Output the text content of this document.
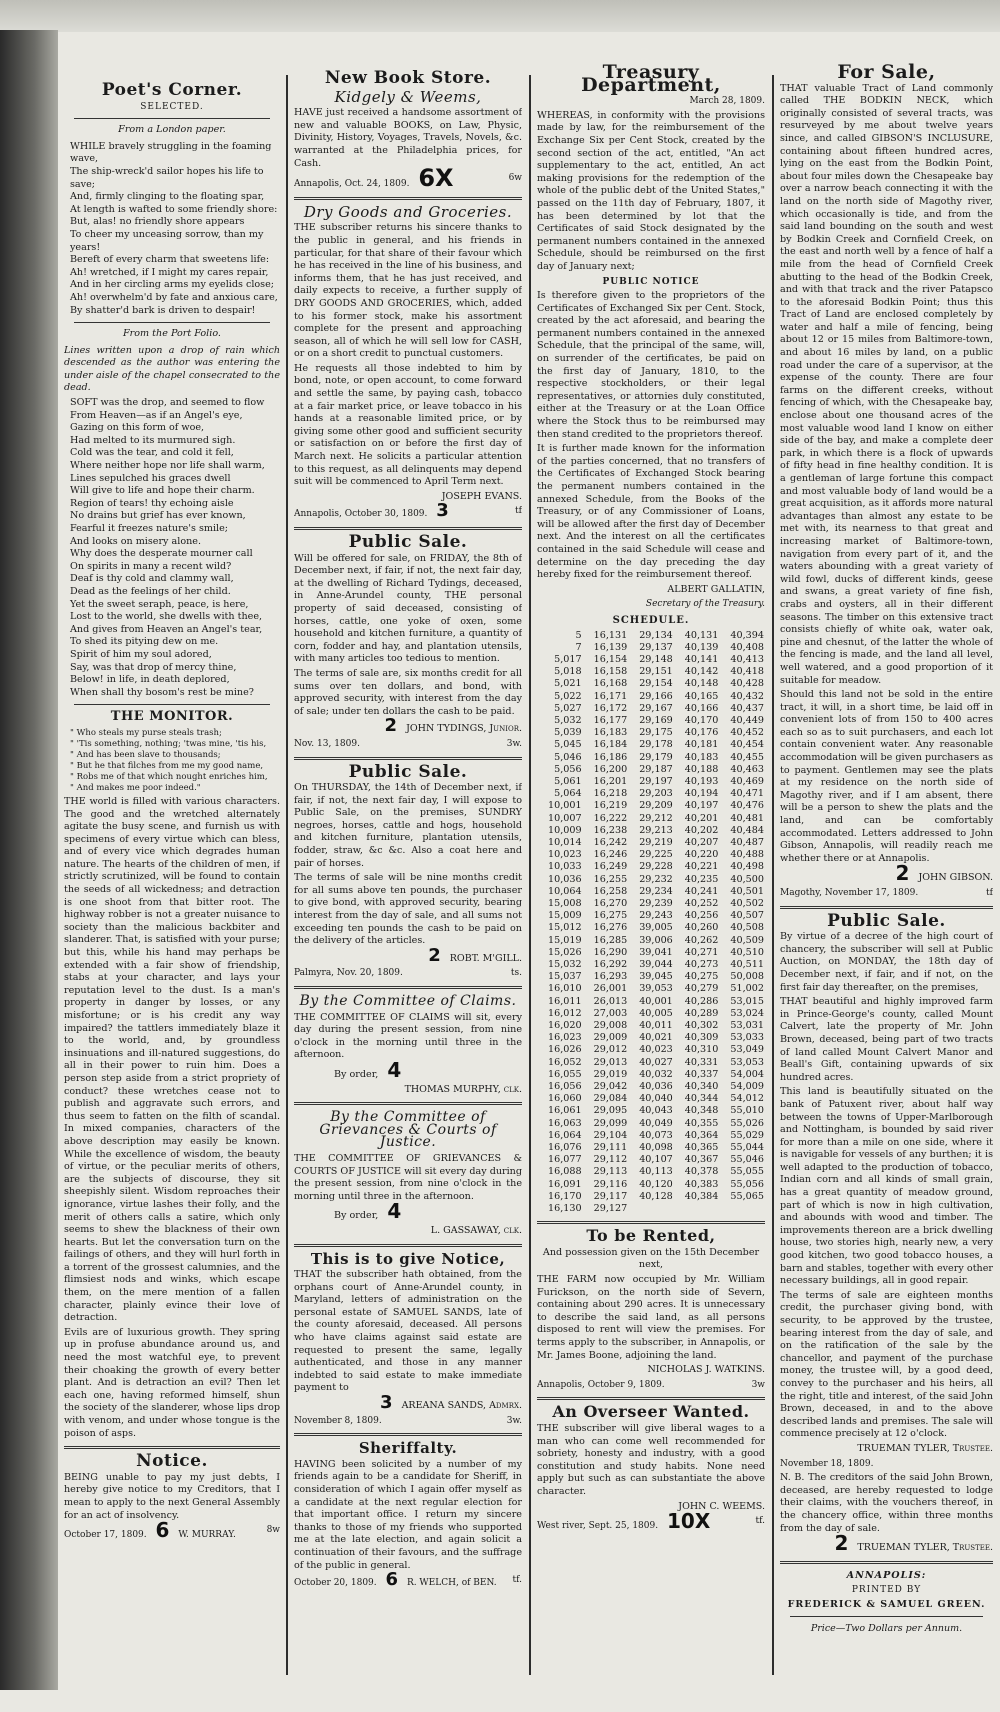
Poet's Corner.
SELECTED.
From a London paper.
WHILE bravely struggling in the foaming
wave,
The ship-wreck'd sailor hopes his life to save;
And, firmly clinging to the floating spar,
At length is wafted to some friendly shore:
But, alas! no friendly shore appears
To cheer my unceasing sorrow, than my years!
Bereft of every charm that sweetens life:
Ah! wretched, if I might my cares repair,
And in her circling arms my eyelids close;
Ah! overwhelm'd by fate and anxious care,
By shatter'd bark is driven to despair!
From the Port Folio.
Lines written upon a drop of rain which descended as the author was entering the under aisle of the chapel consecrated to the dead.
SOFT was the drop, and seemed to flow
From Heaven—as if an Angel's eye,
Gazing on this form of woe,
Had melted to its murmured sigh.
Cold was the tear, and cold it fell,
Where neither hope nor life shall warm,
Lines sepulched his graces dwell
Will give to life and hope their charm.
Region of tears! thy echoing aisle
No drains but grief has ever known,
Fearful it freezes nature's smile;
And looks on misery alone.
Why does the desperate mourner call
On spirits in many a recent wild?
Deaf is thy cold and clammy wall,
Dead as the feelings of her child.
Yet the sweet seraph, peace, is here,
Lost to the world, she dwells with thee,
And gives from Heaven an Angel's tear,
To shed its pitying dew on me.
Spirit of him my soul adored,
Say, was that drop of mercy thine,
Below! in life, in death deplored,
When shall thy bosom's rest be mine?
THE MONITOR.
" Who steals my purse steals trash;
" 'Tis something, nothing; 'twas mine, 'tis his,
" And has been slave to thousands;
" But he that filches from me my good name,
" Robs me of that which nought enriches him,
" And makes me poor indeed."
THE world is filled with various characters. The good and the wretched alternately agitate the busy scene, and furnish us with specimens of every virtue which can bless, and of every vice which degrades human nature. The hearts of the children of men, if strictly scrutinized, will be found to contain the seeds of all wickedness; and detraction is one shoot from that bitter root. The highway robber is not a greater nuisance to society than the malicious backbiter and slanderer. That, is satisfied with your purse; but this, while his hand may perhaps be extended with a fair show of friendship, stabs at your character, and lays your reputation level to the dust. Is a man's property in danger by losses, or any misfortune; or is his credit any way impaired? the tattlers immediately blaze it to the world, and, by groundless insinuations and ill-natured suggestions, do all in their power to ruin him. Does a person step aside from a strict propriety of conduct? these wretches cease not to publish and aggravate such errors, and thus seem to fatten on the filth of scandal. In mixed companies, characters of the above description may easily be known. While the excellence of wisdom, the beauty of virtue, or the peculiar merits of others, are the subjects of discourse, they sit sheepishly silent. Wisdom reproaches their ignorance, virtue lashes their folly, and the merit of others calls a satire, which only seems to shew the blackness of their own hearts. But let the conversation turn on the failings of others, and they will hurl forth in a torrent of the grossest calumnies, and the flimsiest nods and winks, which escape them, on the mere mention of a fallen character, plainly evince their love of detraction.
Evils are of luxurious growth. They spring up in profuse abundance around us, and need the most watchful eye, to prevent their choaking the growth of every better plant. And is detraction an evil? Then let each one, having reformed himself, shun the society of the slanderer, whose lips drop with venom, and under whose tongue is the poison of asps.
Notice.
BEING unable to pay my just debts, I hereby give notice to my Creditors, that I mean to apply to the next General Assembly for an act of insolvency.
October 17, 1809. 6 W. MURRAY.	8w
New Book Store.
Kidgely & Weems,
HAVE just received a handsome assortment of new and valuable BOOKS, on Law, Physic, Divinity, History, Voyages, Travels, Novels, &c. warranted at the Philadelphia prices, for Cash.
Annapolis, Oct. 24, 1809. 6X	6w
Dry Goods and Groceries.
THE subscriber returns his sincere thanks to the public in general, and his friends in particular, for that share of their favour which he has received in the line of his business, and informs them, that he has just received, and daily expects to receive, a further supply of DRY GOODS AND GROCERIES, which, added to his former stock, make his assortment complete for the present and approaching season, all of which he will sell low for CASH, or on a short credit to punctual customers.
He requests all those indebted to him by bond, note, or open account, to come forward and settle the same, by paying cash, tobacco at a fair market price, or leave tobacco in his hands at a reasonable limited price, or by giving some other good and sufficient security or satisfaction on or before the first day of March next. He solicits a particular attention to this request, as all delinquents may depend suit will be commenced to April Term next.
JOSEPH EVANS.
Annapolis, October 30, 1809. 3	tf
Public Sale.
Will be offered for sale, on FRIDAY, the 8th of December next, if fair, if not, the next fair day, at the dwelling of Richard Tydings, deceased, in Anne-Arundel county, THE personal property of said deceased, consisting of horses, cattle, one yoke of oxen, some household and kitchen furniture, a quantity of corn, fodder and hay, and plantation utensils, with many articles too tedious to mention.
The terms of sale are, six months credit for all sums over ten dollars, and bond, with approved security, with interest from the day of sale; under ten dollars the cash to be paid.
2 JOHN TYDINGS, Junior.
Nov. 13, 1809.	3w.
Public Sale.
On THURSDAY, the 14th of December next, if fair, if not, the next fair day, I will expose to Public Sale, on the premises, SUNDRY negroes, horses, cattle and hogs, household and kitchen furniture, plantation utensils, fodder, straw, &c &c. Also a coat here and pair of horses.
The terms of sale will be nine months credit for all sums above ten pounds, the purchaser to give bond, with approved security, bearing interest from the day of sale, and all sums not exceeding ten pounds the cash to be paid on the delivery of the articles.
2 ROBT. M'GILL.
Palmyra, Nov. 20, 1809.	ts.
By the Committee of Claims.
THE COMMITTEE OF CLAIMS will sit, every day during the present session, from nine o'clock in the morning until three in the afternoon.
By order, 4
THOMAS MURPHY, clk.
By the Committee of Grievances & Courts of Justice.
THE COMMITTEE OF GRIEVANCES & COURTS OF JUSTICE will sit every day during the present session, from nine o'clock in the morning until three in the afternoon.
By order, 4
L. GASSAWAY, clk.
This is to give Notice,
THAT the subscriber hath obtained, from the orphans court of Anne-Arundel county, in Maryland, letters of administration on the personal estate of SAMUEL SANDS, late of the county aforesaid, deceased. All persons who have claims against said estate are requested to present the same, legally authenticated, and those in any manner indebted to said estate to make immediate payment to
3 AREANA SANDS, Admrx.
November 8, 1809.	3w.
Sheriffalty.
HAVING been solicited by a number of my friends again to be a candidate for Sheriff, in consideration of which I again offer myself as a candidate at the next regular election for that important office. I return my sincere thanks to those of my friends who supported me at the late election, and again solicit a continuation of their favours, and the suffrage of the public in general.
October 20, 1809. 6 R. WELCH, of BEN. tf.
Treasury Department,
March 28, 1809.
WHEREAS, in conformity with the provisions made by law, for the reimbursement of the Exchange Six per Cent Stock, created by the second section of the act, entitled, "An act supplementary to the act, entitled, An act making provisions for the redemption of the whole of the public debt of the United States," passed on the 11th day of February, 1807, it has been determined by lot that the Certificates of said Stock designated by the permanent numbers contained in the annexed Schedule, should be reimbursed on the first day of January next;
PUBLIC NOTICE
Is therefore given to the proprietors of the Certificates of Exchanged Six per Cent. Stock, created by the act aforesaid, and bearing the permanent numbers contained in the annexed Schedule, that the principal of the same, will, on surrender of the certificates, be paid on the first day of January, 1810, to the respective stockholders, or their legal representatives, or attornies duly constituted, either at the Treasury or at the Loan Office where the Stock thus to be reimbursed may then stand credited to the proprietors thereof.
It is further made known for the information of the parties concerned, that no transfers of the Certificates of Exchanged Stock bearing the permanent numbers contained in the annexed Schedule, from the Books of the Treasury, or of any Commissioner of Loans, will be allowed after the first day of December next. And the interest on all the certificates contained in the said Schedule will cease and determine on the day preceding the day hereby fixed for the reimbursement thereof.
ALBERT GALLATIN,
Secretary of the Treasury.
SCHEDULE.
5	16,131	29,134	40,131	40,394
7	16,139	29,137	40,139	40,408
5,017	16,154	29,148	40,141	40,413
5,018	16,158	29,151	40,142	40,418
5,021	16,168	29,154	40,148	40,428
5,022	16,171	29,166	40,165	40,432
5,027	16,172	29,167	40,166	40,437
5,032	16,177	29,169	40,170	40,449
5,039	16,183	29,175	40,176	40,452
5,045	16,184	29,178	40,181	40,454
5,046	16,186	29,179	40,183	40,455
5,056	16,200	29,187	40,188	40,463
5,061	16,201	29,197	40,193	40,469
5,064	16,218	29,203	40,194	40,471
10,001	16,219	29,209	40,197	40,476
10,007	16,222	29,212	40,201	40,481
10,009	16,238	29,213	40,202	40,484
10,014	16,242	29,219	40,207	40,487
10,023	16,246	29,225	40,220	40,488
10,033	16,249	29,228	40,221	40,498
10,036	16,255	29,232	40,235	40,500
10,064	16,258	29,234	40,241	40,501
15,008	16,270	29,239	40,252	40,502
15,009	16,275	29,243	40,256	40,507
15,012	16,276	39,005	40,260	40,508
15,019	16,285	39,006	40,262	40,509
15,026	16,290	39,041	40,271	40,510
15,032	16,292	39,044	40,273	40,511
15,037	16,293	39,045	40,275	50,008
16,010	26,001	39,053	40,279	51,002
16,011	26,013	40,001	40,286	53,015
16,012	27,003	40,005	40,289	53,024
16,020	29,008	40,011	40,302	53,031
16,023	29,009	40,021	40,309	53,033
16,026	29,012	40,023	40,310	53,049
16,052	29,013	40,027	40,331	53,053
16,055	29,019	40,032	40,337	54,004
16,056	29,042	40,036	40,340	54,009
16,060	29,084	40,040	40,344	54,012
16,061	29,095	40,043	40,348	55,010
16,063	29,099	40,049	40,355	55,026
16,064	29,104	40,073	40,364	55,029
16,076	29,111	40,098	40,365	55,044
16,077	29,112	40,107	40,367	55,046
16,088	29,113	40,113	40,378	55,055
16,091	29,116	40,120	40,383	55,056
16,170	29,117	40,128	40,384	55,065
16,130	29,127			
To be Rented,
And possession given on the 15th December next,
THE FARM now occupied by Mr. William Furickson, on the north side of Severn, containing about 290 acres. It is unnecessary to describe the said land, as all persons disposed to rent will view the premises. For terms apply to the subscriber, in Annapolis, or Mr. James Boone, adjoining the land.
NICHOLAS J. WATKINS.
Annapolis, October 9, 1809.	3w
An Overseer Wanted.
THE subscriber will give liberal wages to a man who can come well recommended for sobriety, honesty and industry, with a good constitution and study habits. None need apply but such as can substantiate the above character.
JOHN C. WEEMS.
West river, Sept. 25, 1809. 10X	tf.
For Sale,
THAT valuable Tract of Land commonly called THE BODKIN NECK, which originally consisted of several tracts, was resurveyed by me about twelve years since, and called GIBSON'S INCLUSURE, containing about fifteen hundred acres, lying on the east from the Bodkin Point, about four miles down the Chesapeake bay over a narrow beach connecting it with the land on the north side of Magothy river, which occasionally is tide, and from the said land bounding on the south and west by Bodkin Creek and Cornfield Creek, on the east and north well by a fence of half a mile from the head of Cornfield Creek abutting to the head of the Bodkin Creek, and with that track and the river Patapsco to the aforesaid Bodkin Point; thus this Tract of Land are enclosed completely by water and half a mile of fencing, being about 12 or 15 miles from Baltimore-town, and about 16 miles by land, on a public road under the care of a supervisor, at the expense of the county. There are four farms on the different creeks, without fencing of which, with the Chesapeake bay, enclose about one thousand acres of the most valuable wood land I know on either side of the bay, and make a complete deer park, in which there is a flock of upwards of fifty head in fine healthy condition. It is a gentleman of large fortune this compact and most valuable body of land would be a great acquisition, as it affords more natural advantages than almost any estate to be met with, its nearness to that great and increasing market of Baltimore-town, navigation from every part of it, and the waters abounding with a great variety of wild fowl, ducks of different kinds, geese and swans, a great variety of fine fish, crabs and oysters, all in their different seasons. The timber on this extensive tract consists chiefly of white oak, water oak, pine and chesnut, of the latter the whole of the fencing is made, and the land all level, well watered, and a good proportion of it suitable for meadow.
Should this land not be sold in the entire tract, it will, in a short time, be laid off in convenient lots of from 150 to 400 acres each so as to suit purchasers, and each lot contain convenient water. Any reasonable accommodation will be given purchasers as to payment. Gentlemen may see the plats at my residence on the north side of Magothy river, and if I am absent, there will be a person to shew the plats and the land, and can be comfortably accommodated. Letters addressed to John Gibson, Annapolis, will readily reach me whether there or at Annapolis.
2 JOHN GIBSON.
Magothy, November 17, 1809.	tf
Public Sale.
By virtue of a decree of the high court of chancery, the subscriber will sell at Public Auction, on MONDAY, the 18th day of December next, if fair, and if not, on the first fair day thereafter, on the premises,
THAT beautiful and highly improved farm in Prince-George's county, called Mount Calvert, late the property of Mr. John Brown, deceased, being part of two tracts of land called Mount Calvert Manor and Beall's Gift, containing upwards of six hundred acres.
This land is beautifully situated on the bank of Patuxent river, about half way between the towns of Upper-Marlborough and Nottingham, is bounded by said river for more than a mile on one side, where it is navigable for vessels of any burthen; it is well adapted to the production of tobacco, Indian corn and all kinds of small grain, has a great quantity of meadow ground, part of which is now in high cultivation, and abounds with wood and timber. The improvements thereon are a brick dwelling house, two stories high, nearly new, a very good kitchen, two good tobacco houses, a barn and stables, together with every other necessary buildings, all in good repair.
The terms of sale are eighteen months credit, the purchaser giving bond, with security, to be approved by the trustee, bearing interest from the day of sale, and on the ratification of the sale by the chancellor, and payment of the purchase money, the trustee will, by a good deed, convey to the purchaser and his heirs, all the right, title and interest, of the said John Brown, deceased, in and to the above described lands and premises. The sale will commence precisely at 12 o'clock.
TRUEMAN TYLER, Trustee.
November 18, 1809.
N. B. The creditors of the said John Brown, deceased, are hereby requested to lodge their claims, with the vouchers thereof, in the chancery office, within three months from the day of sale.
2 TRUEMAN TYLER, Trustee.
ANNAPOLIS:
PRINTED BY
FREDERICK & SAMUEL GREEN.
Price—Two Dollars per Annum.
